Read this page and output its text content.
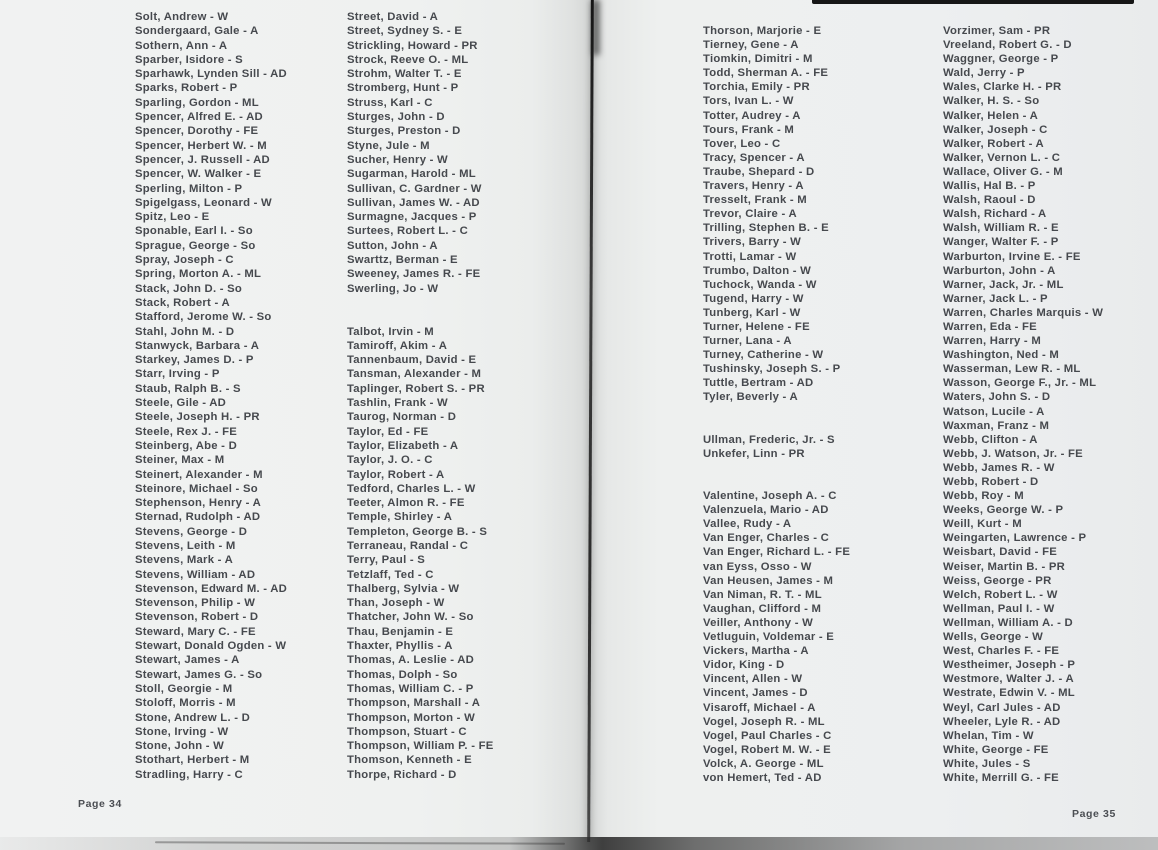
Solt, Andrew - W
Sondergaard, Gale - A
Sothern, Ann - A
Sparber, Isidore - S
Sparhawk, Lynden Sill - AD
Sparks, Robert - P
Sparling, Gordon - ML
Spencer, Alfred E. - AD
Spencer, Dorothy - FE
Spencer, Herbert W. - M
Spencer, J. Russell - AD
Spencer, W. Walker - E
Sperling, Milton - P
Spigelgass, Leonard - W
Spitz, Leo - E
Sponable, Earl I. - So
Sprague, George - So
Spray, Joseph - C
Spring, Morton A. - ML
Stack, John D. - So
Stack, Robert - A
Stafford, Jerome W. - So
Stahl, John M. - D
Stanwyck, Barbara - A
Starkey, James D. - P
Starr, Irving - P
Staub, Ralph B. - S
Steele, Gile - AD
Steele, Joseph H. - PR
Steele, Rex J. - FE
Steinberg, Abe - D
Steiner, Max - M
Steinert, Alexander - M
Steinore, Michael - So
Stephenson, Henry - A
Sternad, Rudolph - AD
Stevens, George - D
Stevens, Leith - M
Stevens, Mark - A
Stevens, William - AD
Stevenson, Edward M. - AD
Stevenson, Philip - W
Stevenson, Robert - D
Steward, Mary C. - FE
Stewart, Donald Ogden - W
Stewart, James - A
Stewart, James G. - So
Stoll, Georgie - M
Stoloff, Morris - M
Stone, Andrew L. - D
Stone, Irving - W
Stone, John - W
Stothart, Herbert - M
Stradling, Harry - C
Street, David - A
Street, Sydney S. - E
Strickling, Howard - PR
Strock, Reeve O. - ML
Strohm, Walter T. - E
Stromberg, Hunt - P
Struss, Karl - C
Sturges, John - D
Sturges, Preston - D
Styne, Jule - M
Sucher, Henry - W
Sugarman, Harold - ML
Sullivan, C. Gardner - W
Sullivan, James W. - AD
Surmagne, Jacques - P
Surtees, Robert L. - C
Sutton, John - A
Swarttz, Berman - E
Sweeney, James R. - FE
Swerling, Jo - W

Talbot, Irvin - M
Tamiroff, Akim - A
Tannenbaum, David - E
Tansman, Alexander - M
Taplinger, Robert S. - PR
Tashlin, Frank - W
Taurog, Norman - D
Taylor, Ed - FE
Taylor, Elizabeth - A
Taylor, J. O. - C
Taylor, Robert - A
Tedford, Charles L. - W
Teeter, Almon R. - FE
Temple, Shirley - A
Templeton, George B. - S
Terraneau, Randal - C
Terry, Paul - S
Tetzlaff, Ted - C
Thalberg, Sylvia - W
Than, Joseph - W
Thatcher, John W. - So
Thau, Benjamin - E
Thaxter, Phyllis - A
Thomas, A. Leslie - AD
Thomas, Dolph - So
Thomas, William C. - P
Thompson, Marshall - A
Thompson, Morton - W
Thompson, Stuart - C
Thompson, William P. - FE
Thomson, Kenneth - E
Thorpe, Richard - D
Page 34
Thorson, Marjorie - E
Tierney, Gene - A
Tiomkin, Dimitri - M
Todd, Sherman A. - FE
Torchia, Emily - PR
Tors, Ivan L. - W
Totter, Audrey - A
Tours, Frank - M
Tover, Leo - C
Tracy, Spencer - A
Traube, Shepard - D
Travers, Henry - A
Tresselt, Frank - M
Trevor, Claire - A
Trilling, Stephen B. - E
Trivers, Barry - W
Trotti, Lamar - W
Trumbo, Dalton - W
Tuchock, Wanda - W
Tugend, Harry - W
Tunberg, Karl - W
Turner, Helene - FE
Turner, Lana - A
Turney, Catherine - W
Tushinsky, Joseph S. - P
Tuttle, Bertram - AD
Tyler, Beverly - A

Ullman, Frederic, Jr. - S
Unkefer, Linn - PR

Valentine, Joseph A. - C
Valenzuela, Mario - AD
Vallee, Rudy - A
Van Enger, Charles - C
Van Enger, Richard L. - FE
van Eyss, Osso - W
Van Heusen, James - M
Van Niman, R. T. - ML
Vaughan, Clifford - M
Veiller, Anthony - W
Vetluguin, Voldemar - E
Vickers, Martha - A
Vidor, King - D
Vincent, Allen - W
Vincent, James - D
Visaroff, Michael - A
Vogel, Joseph R. - ML
Vogel, Paul Charles - C
Vogel, Robert M. W. - E
Volck, A. George - ML
von Hemert, Ted - AD
Vorzimer, Sam - PR
Vreeland, Robert G. - D
Waggner, George - P
Wald, Jerry - P
Wales, Clarke H. - PR
Walker, H. S. - So
Walker, Helen - A
Walker, Joseph - C
Walker, Robert - A
Walker, Vernon L. - C
Wallace, Oliver G. - M
Wallis, Hal B. - P
Walsh, Raoul - D
Walsh, Richard - A
Walsh, William R. - E
Wanger, Walter F. - P
Warburton, Irvine E. - FE
Warburton, John - A
Warner, Jack, Jr. - ML
Warner, Jack L. - P
Warren, Charles Marquis - W
Warren, Eda - FE
Warren, Harry - M
Washington, Ned - M
Wasserman, Lew R. - ML
Wasson, George F., Jr. - ML
Waters, John S. - D
Watson, Lucile - A
Waxman, Franz - M
Webb, Clifton - A
Webb, J. Watson, Jr. - FE
Webb, James R. - W
Webb, Robert - D
Webb, Roy - M
Weeks, George W. - P
Weill, Kurt - M
Weingarten, Lawrence - P
Weisbart, David - FE
Weiser, Martin B. - PR
Weiss, George - PR
Welch, Robert L. - W
Wellman, Paul I. - W
Wellman, William A. - D
Wells, George - W
West, Charles F. - FE
Westheimer, Joseph - P
Westmore, Walter J. - A
Westrate, Edwin V. - ML
Weyl, Carl Jules - AD
Wheeler, Lyle R. - AD
Whelan, Tim - W
White, George - FE
White, Jules - S
White, Merrill G. - FE
Page 35
